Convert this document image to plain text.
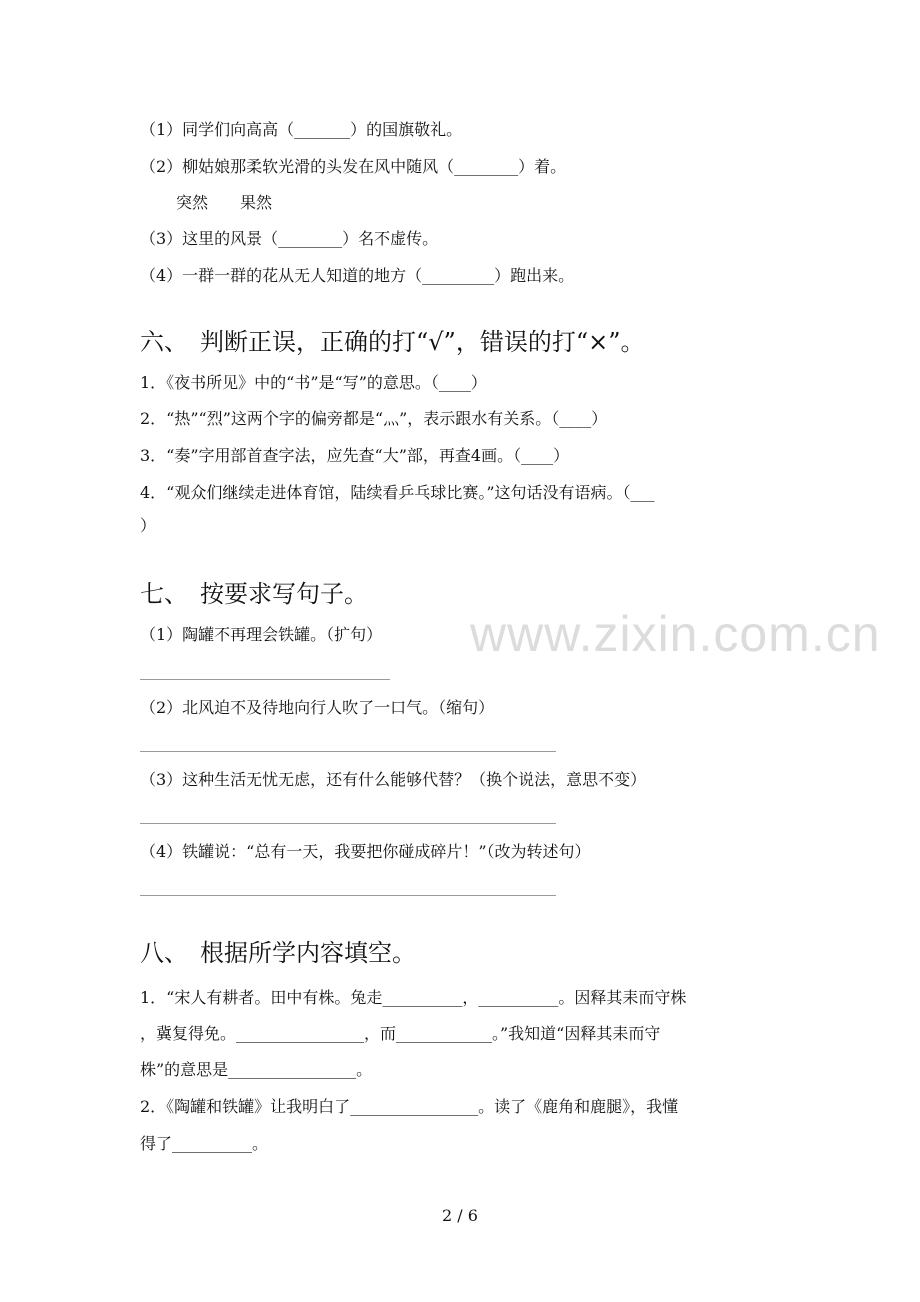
（1）同学们向高高（_______）的国旗敬礼。
（2）柳姑娘那柔软光滑的头发在风中随风（________）着。
突然　　果然
（3）这里的风景（________）名不虚传。
（4）一群一群的花从无人知道的地方（_________）跑出来。
六、　判断正误，正确的打“√”，错误的打“×”。
1．《夜书所见》中的“书”是“写”的意思。（____）
2．“热”“烈”这两个字的偏旁都是“灬”，表示跟水有关系。（____）
3．“奏”字用部首查字法，应先查“大”部，再查4画。（____）
4．“观众们继续走进体育馆，陆续看乒乓球比赛。”这句话没有语病。（___
）
www.zixin.com.cn
七、　按要求写句子。
（1）陶罐不再理会铁罐。（扩句）
（2）北风迫不及待地向行人吹了一口气。（缩句）
（3）这种生活无忧无虑，还有什么能够代替？（换个说法，意思不变）
（4）铁罐说：“总有一天，我要把你碰成碎片！”（改为转述句）
八、　根据所学内容填空。
1．“宋人有耕者。田中有株。兔走__________，__________。因释其耒而守株
，冀复得免。________________，而____________。”我知道“因释其耒而守
株”的意思是________________。
2．《陶罐和铁罐》让我明白了________________。读了《鹿角和鹿腿》，我懂
得了__________。
2 / 6
